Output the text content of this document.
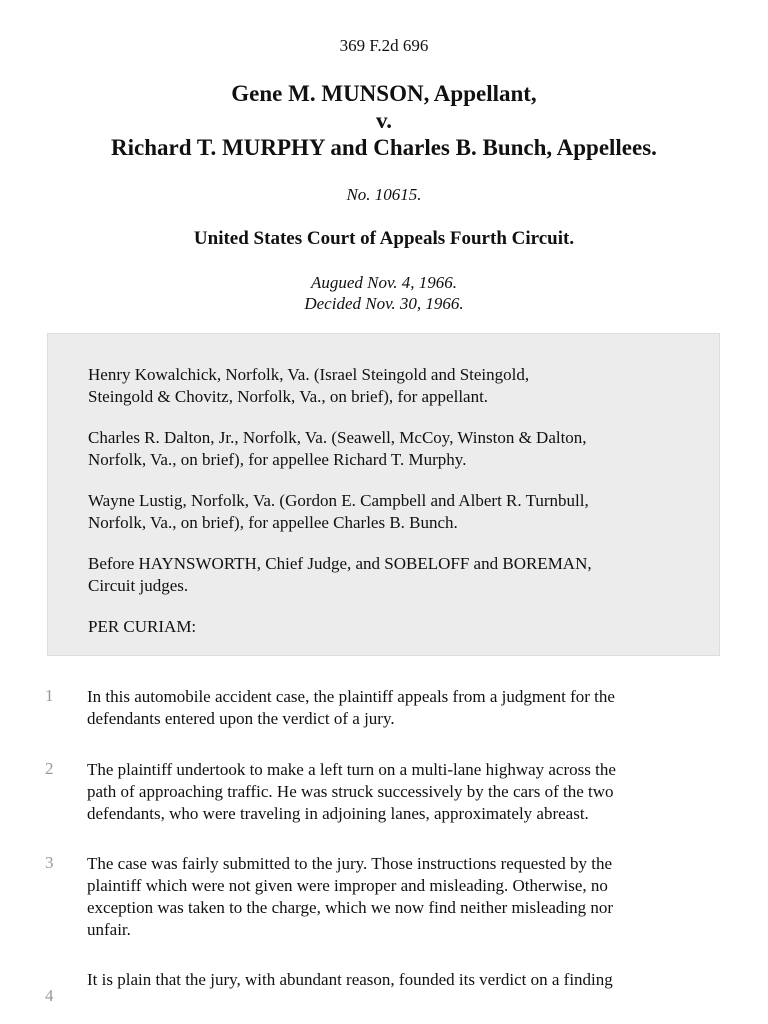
369 F.2d 696
Gene M. MUNSON, Appellant,
v.
Richard T. MURPHY and Charles B. Bunch, Appellees.
No. 10615.
United States Court of Appeals Fourth Circuit.
Augued Nov. 4, 1966.
Decided Nov. 30, 1966.

Henry Kowalchick, Norfolk, Va. (Israel Steingold and Steingold,
Steingold & Chovitz, Norfolk, Va., on brief), for appellant.

Charles R. Dalton, Jr., Norfolk, Va. (Seawell, McCoy, Winston & Dalton,
Norfolk, Va., on brief), for appellee Richard T. Murphy.

Wayne Lustig, Norfolk, Va. (Gordon E. Campbell and Albert R. Turnbull,
Norfolk, Va., on brief), for appellee Charles B. Bunch.

Before HAYNSWORTH, Chief Judge, and SOBELOFF and BOREMAN,
Circuit judges.

PER CURIAM:

1 In this automobile accident case, the plaintiff appeals from a judgment for the
defendants entered upon the verdict of a jury.

2 The plaintiff undertook to make a left turn on a multi-lane highway across the
path of approaching traffic. He was struck successively by the cars of the two
defendants, who were traveling in adjoining lanes, approximately abreast.

3 The case was fairly submitted to the jury. Those instructions requested by the
plaintiff which were not given were improper and misleading. Otherwise, no
exception was taken to the charge, which we now find neither misleading nor
unfair.

4

It is plain that the jury, with abundant reason, founded its verdict on a finding
